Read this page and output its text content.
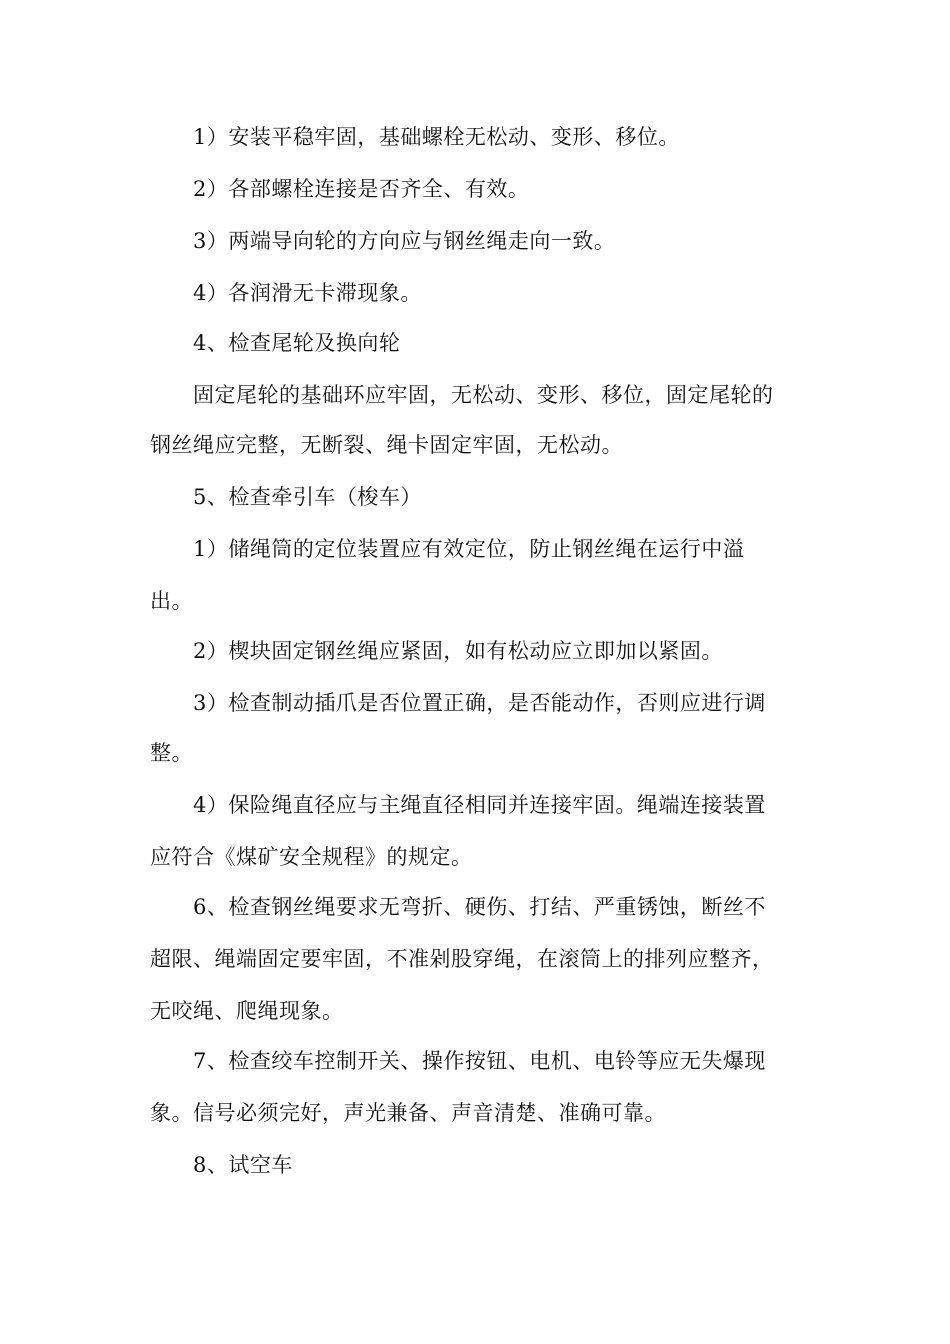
1）安装平稳牢固，基础螺栓无松动、变形、移位。
2）各部螺栓连接是否齐全、有效。
3）两端导向轮的方向应与钢丝绳走向一致。
4）各润滑无卡滞现象。
4、检查尾轮及换向轮
固定尾轮的基础环应牢固，无松动、变形、移位，固定尾轮的
钢丝绳应完整，无断裂、绳卡固定牢固，无松动。
5、检查牵引车（梭车）
1）储绳筒的定位装置应有效定位，防止钢丝绳在运行中溢
出。
2）楔块固定钢丝绳应紧固，如有松动应立即加以紧固。
3）检查制动插爪是否位置正确，是否能动作，否则应进行调
整。
4）保险绳直径应与主绳直径相同并连接牢固。绳端连接装置
应符合《煤矿安全规程》的规定。
6、检查钢丝绳要求无弯折、硬伤、打结、严重锈蚀，断丝不
超限、绳端固定要牢固，不准剁股穿绳，在滚筒上的排列应整齐，
无咬绳、爬绳现象。
7、检查绞车控制开关、操作按钮、电机、电铃等应无失爆现
象。信号必须完好，声光兼备、声音清楚、准确可靠。
8、试空车
